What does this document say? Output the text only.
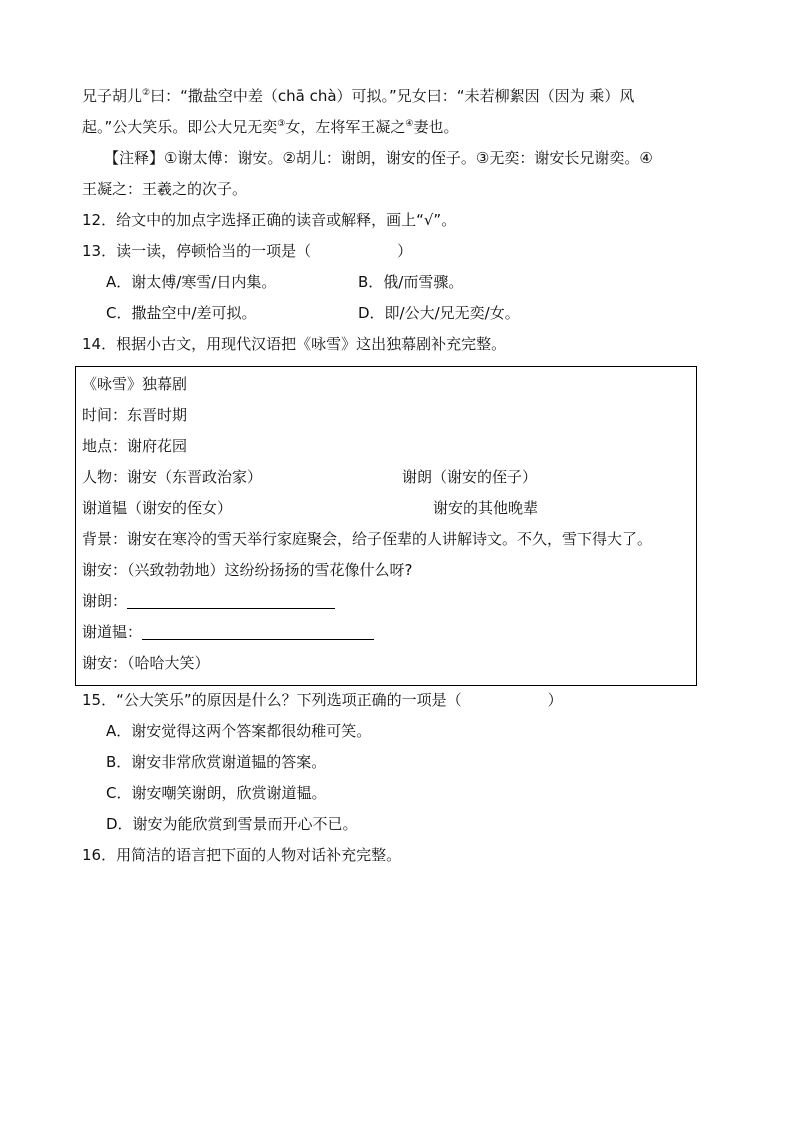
兄子胡儿②曰：“撒盐空中差（chā chà）可拟。”兄女曰：“未若柳絮因（因为 乘）风
起。”公大笑乐。即公大兄无奕③女，左将军王凝之④妻也。
【注释】①谢太傅：谢安。②胡儿：谢朗，谢安的侄子。③无奕：谢安长兄谢奕。④
王凝之：王羲之的次子。
12．给文中的加点字选择正确的读音或解释，画上“√”。
13．读一读，停顿恰当的一项是（	）
A．谢太傅/寒雪/日内集。	B．俄/而雪骤。
C．撒盐空中/差可拟。	D．即/公大/兄无奕/女。
14．根据小古文，用现代汉语把《咏雪》这出独幕剧补充完整。
《咏雪》独幕剧
时间：东晋时期
地点：谢府花园
人物：谢安（东晋政治家）	谢朗（谢安的侄子）
谢道韫（谢安的侄女）	谢安的其他晚辈
背景：谢安在寒冷的雪天举行家庭聚会，给子侄辈的人讲解诗文。不久，雪下得大了。
谢安：（兴致勃勃地）这纷纷扬扬的雪花像什么呀?
谢朗：
谢道韫：
谢安：（哈哈大笑）
15．“公大笑乐”的原因是什么？下列选项正确的一项是（	）
A．谢安觉得这两个答案都很幼稚可笑。
B．谢安非常欣赏谢道韫的答案。
C．谢安嘲笑谢朗，欣赏谢道韫。
D．谢安为能欣赏到雪景而开心不已。
16．用简洁的语言把下面的人物对话补充完整。
